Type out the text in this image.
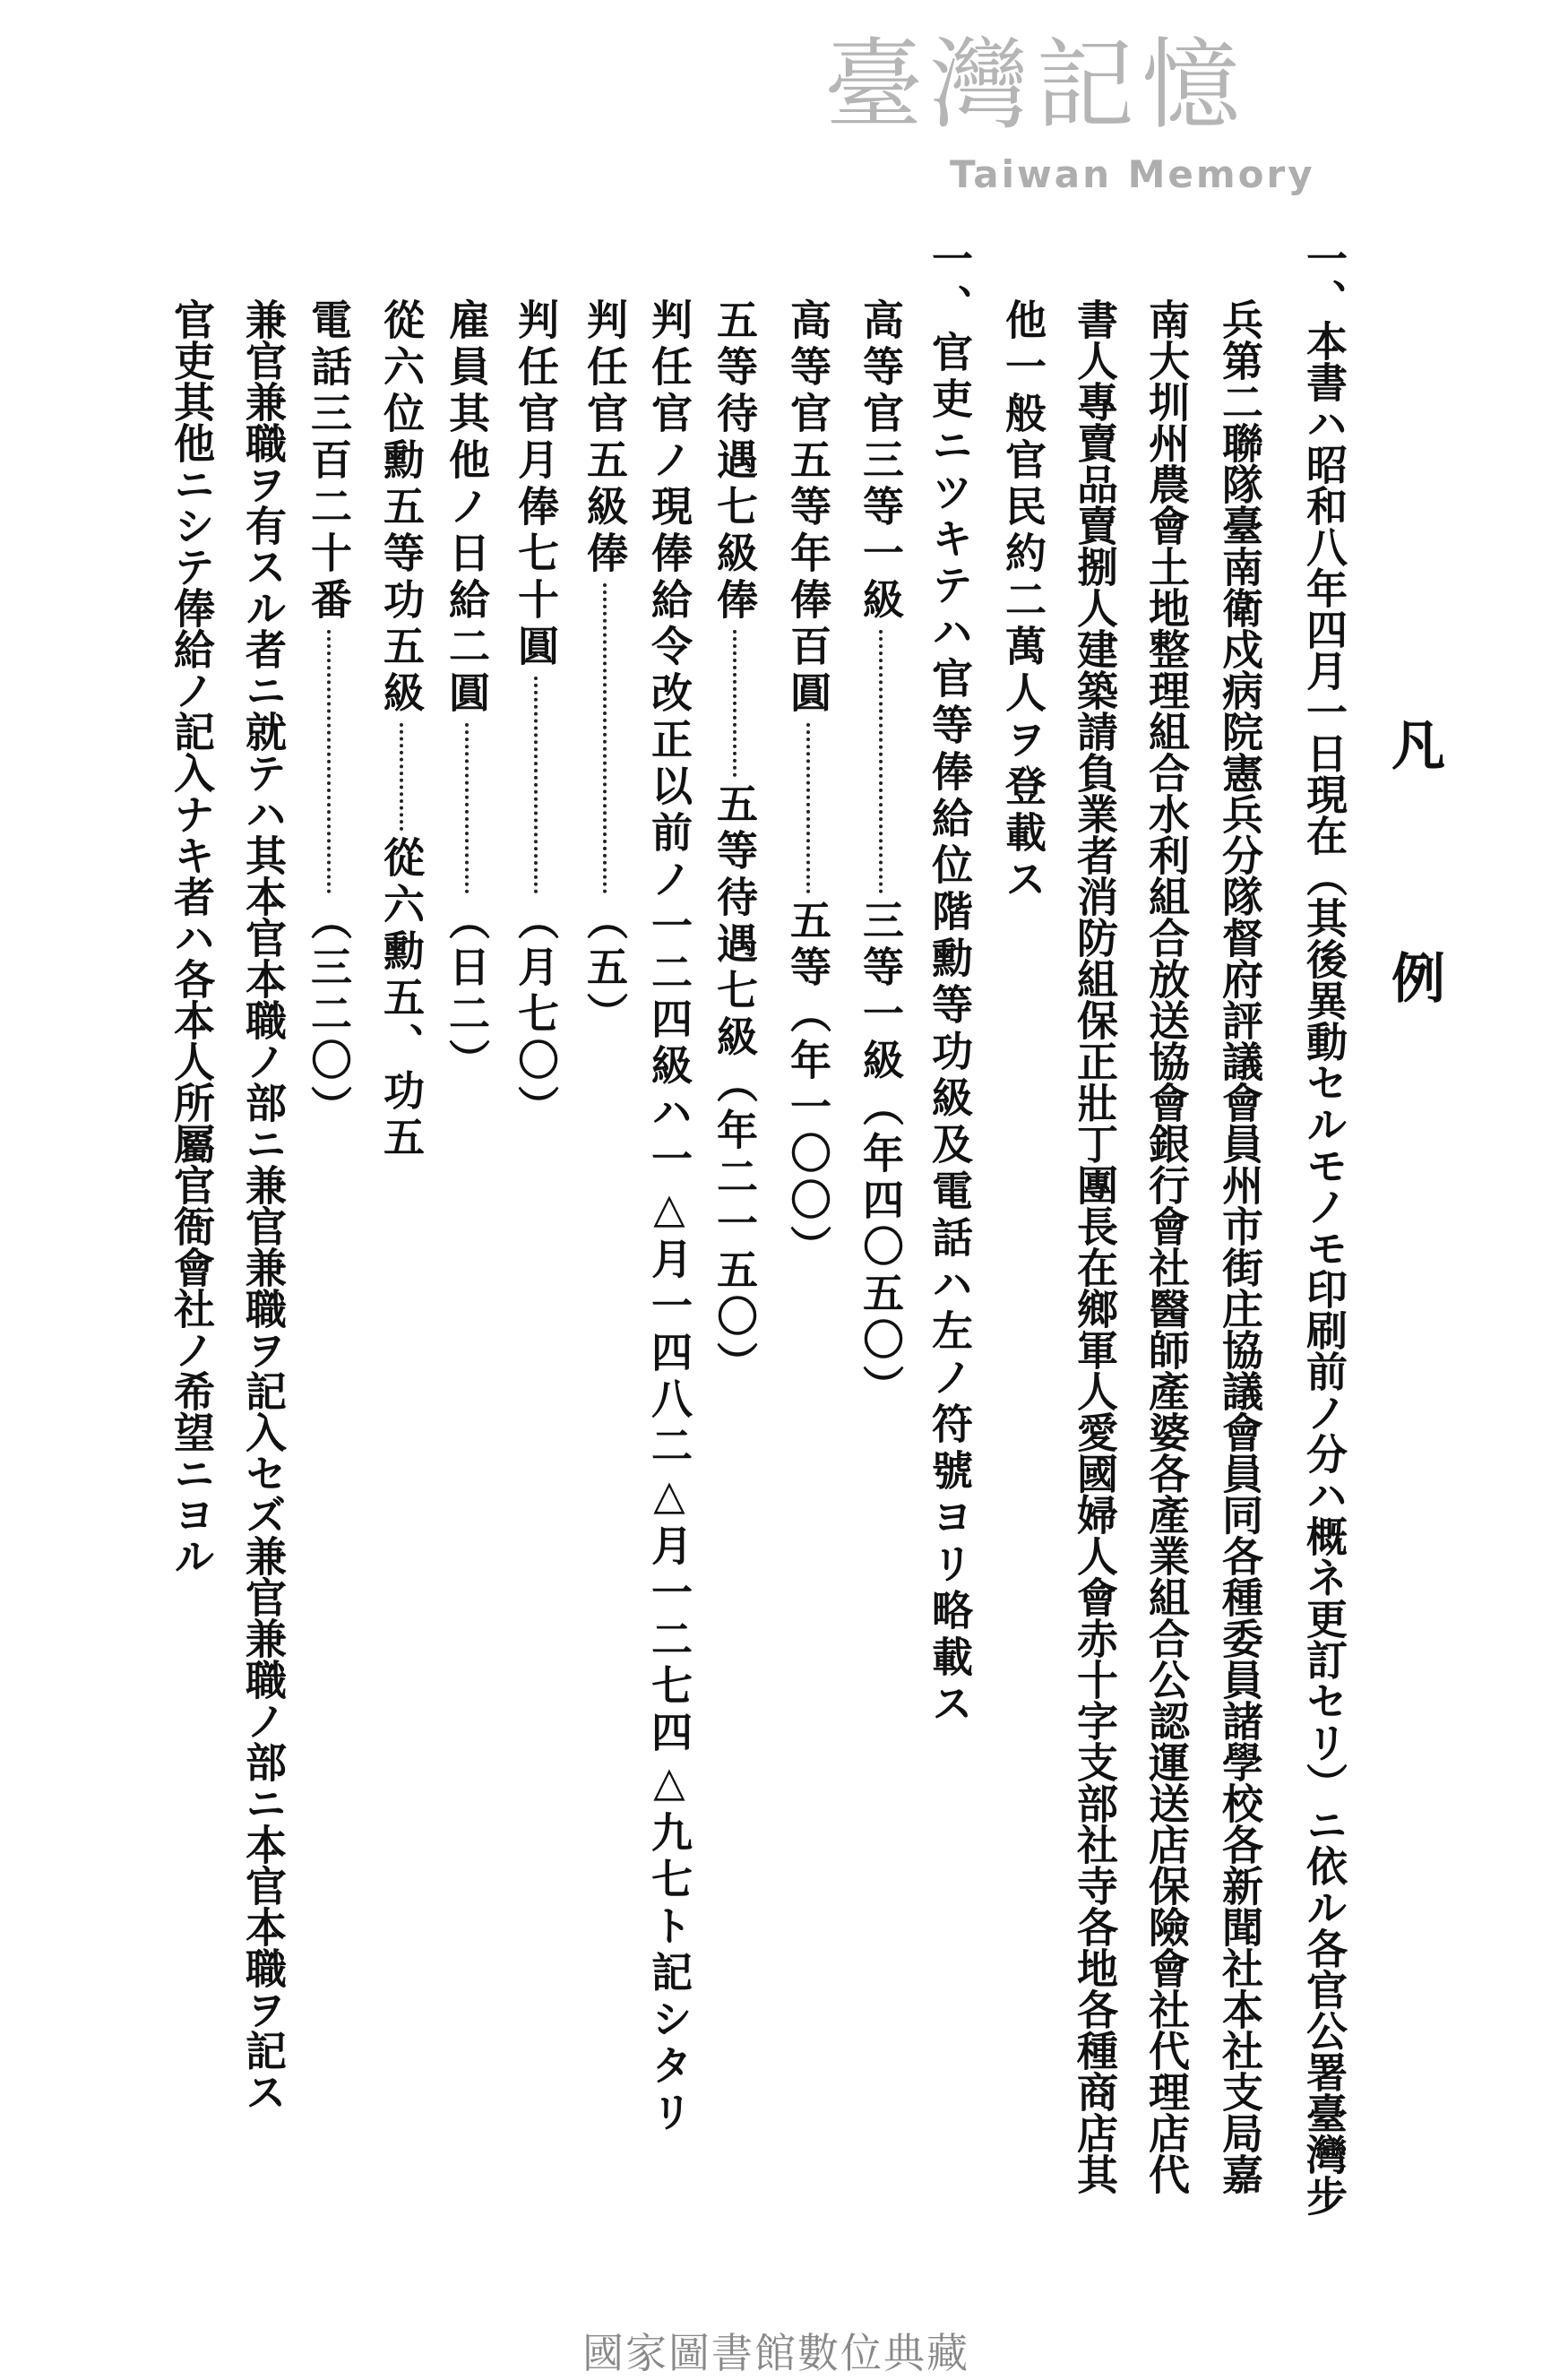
凡
例
一、本書ハ昭和八年四月一日現在（其後異動セルモノモ印刷前ノ分ハ概ネ更訂セリ）ニ依ル各官公署臺灣步
兵第二聯隊臺南衛戍病院憲兵分隊督府評議會員州市街庄協議會員同各種委員諸學校各新聞社本社支局嘉
南大圳州農會土地整理組合水利組合放送協會銀行會社醫師產婆各產業組合公認運送店保險會社代理店代
書人專賣品賣捌人建築請負業者消防組保正壯丁團長在鄉軍人愛國婦人會赤十字支部社寺各地各種商店其
他一般官民約二萬人ヲ登載ス
一、官吏ニツキテハ官等俸給位階勳等功級及電話ハ左ノ符號ヨリ略載ス
高等官三等一級
三等一級（年四〇五〇）
高等官五等年俸百圓
五等（年一〇〇）
五等待遇七級俸
五等待遇七級（年二一五〇）
判任官ノ現俸給令改正以前ノ一二四級ハ一△月一四八二△月一二七四△九七ト記シタリ
判任官五級俸
（五）
判任官月俸七十圓
（月七〇）
雇員其他ノ日給二圓
（日二）
從六位勳五等功五級
從六勳五、功五
電話三百二十番
（三二〇）
兼官兼職ヲ有スル者ニ就テハ其本官本職ノ部ニ兼官兼職ヲ記入セズ兼官兼職ノ部ニ本官本職ヲ記ス
官吏其他ニシテ俸給ノ記入ナキ者ハ各本人所屬官衙會社ノ希望ニヨル
臺灣記憶
Taiwan Memory
國家圖書館數位典藏
